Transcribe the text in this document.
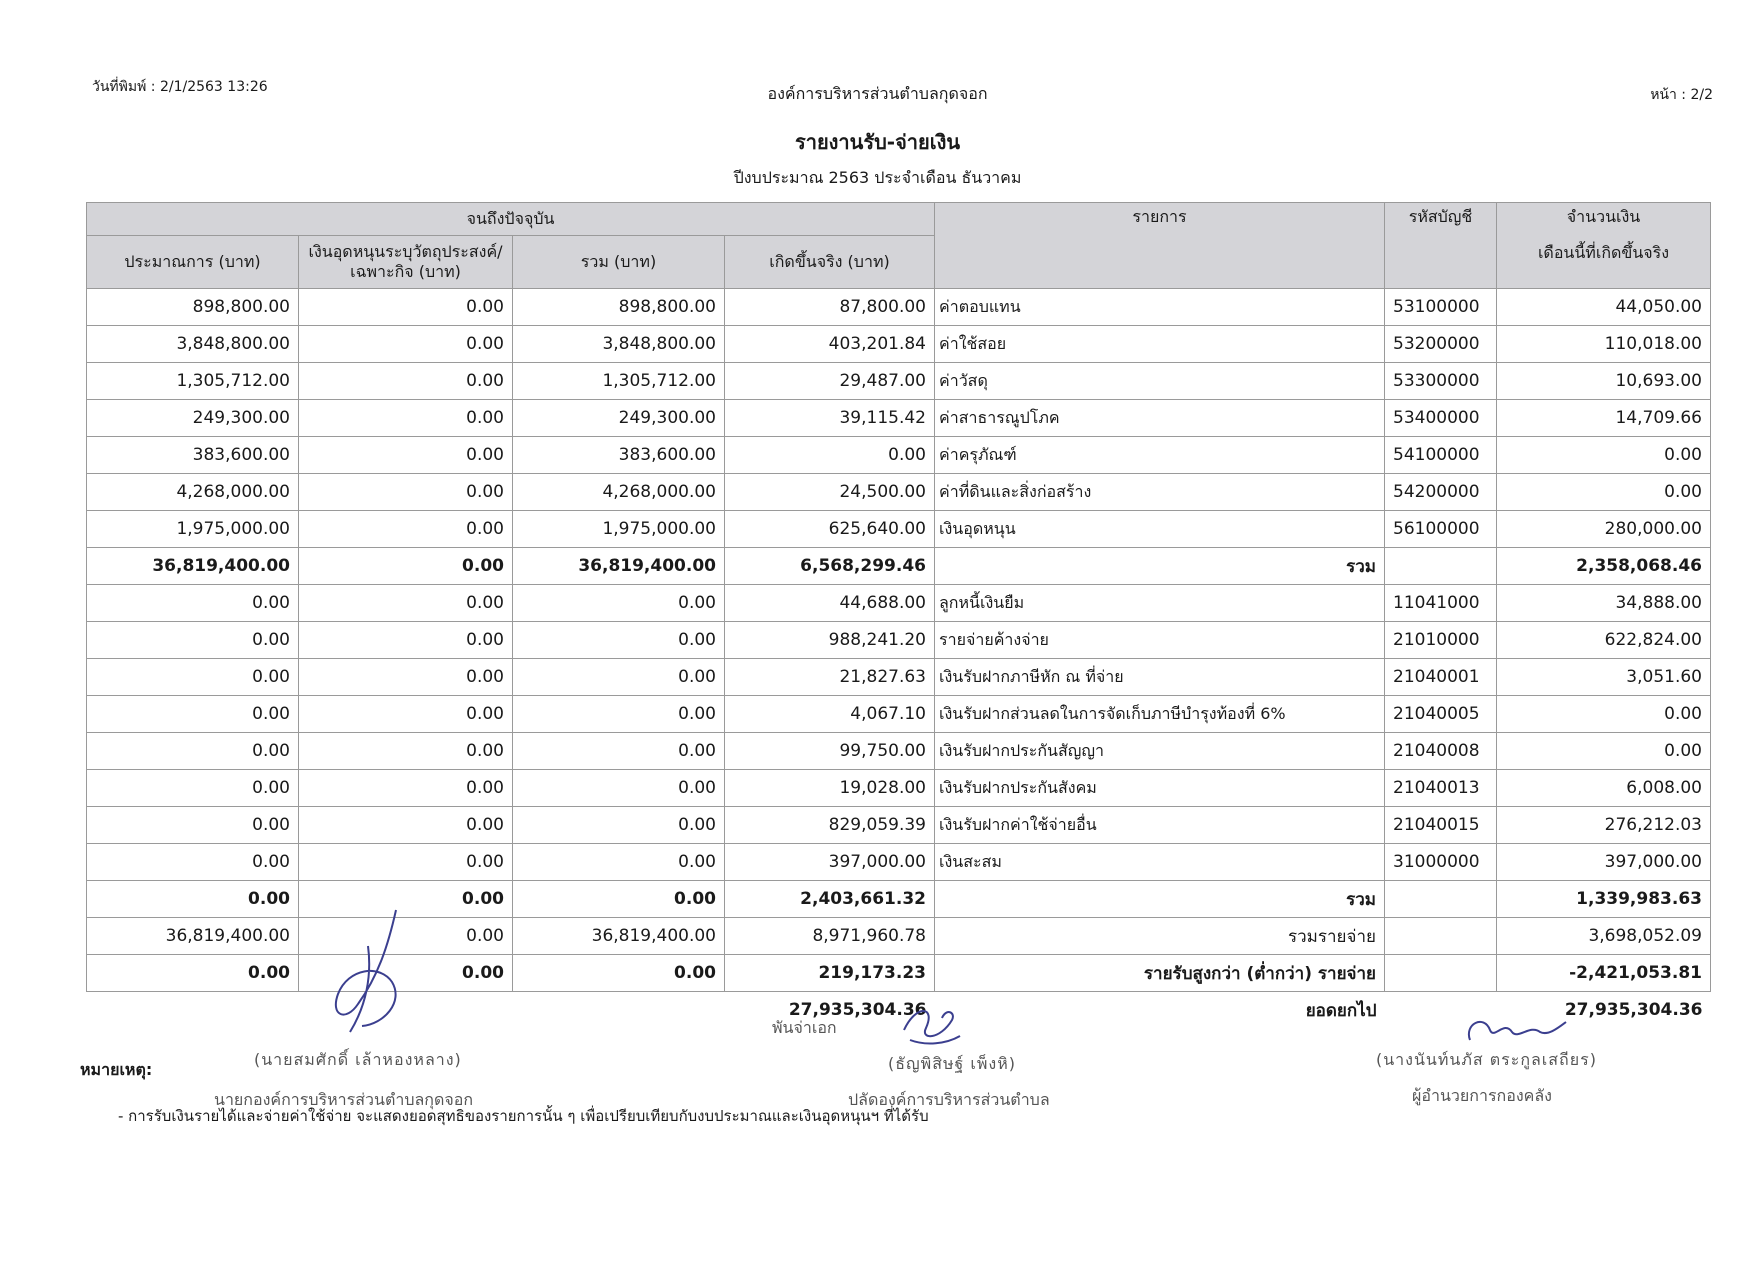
วันที่พิมพ์ : 2/1/2563 13:26	องค์การบริหารส่วนตำบลกุดจอก	หน้า : 2/2
รายงานรับ-จ่ายเงิน
ปีงบประมาณ 2563 ประจำเดือน ธันวาคม
จนถึงปัจจุบัน				รายการ	รหัสบัญชี	จำนวนเงิน
เดือนนี้ที่เกิดขึ้นจริง
ประมาณการ (บาท)	เงินอุดหนุนระบุวัตถุประสงค์/เฉพาะกิจ (บาท)	รวม (บาท)	เกิดขึ้นจริง (บาท)			
898,800.00	0.00	898,800.00	87,800.00	ค่าตอบแทน	53100000	44,050.00
3,848,800.00	0.00	3,848,800.00	403,201.84	ค่าใช้สอย	53200000	110,018.00
1,305,712.00	0.00	1,305,712.00	29,487.00	ค่าวัสดุ	53300000	10,693.00
249,300.00	0.00	249,300.00	39,115.42	ค่าสาธารณูปโภค	53400000	14,709.66
383,600.00	0.00	383,600.00	0.00	ค่าครุภัณฑ์	54100000	0.00
4,268,000.00	0.00	4,268,000.00	24,500.00	ค่าที่ดินและสิ่งก่อสร้าง	54200000	0.00
1,975,000.00	0.00	1,975,000.00	625,640.00	เงินอุดหนุน	56100000	280,000.00
36,819,400.00	0.00	36,819,400.00	6,568,299.46	รวม		2,358,068.46
0.00	0.00	0.00	44,688.00	ลูกหนี้เงินยืม	11041000	34,888.00
0.00	0.00	0.00	988,241.20	รายจ่ายค้างจ่าย	21010000	622,824.00
0.00	0.00	0.00	21,827.63	เงินรับฝากภาษีหัก ณ ที่จ่าย	21040001	3,051.60
0.00	0.00	0.00	4,067.10	เงินรับฝากส่วนลดในการจัดเก็บภาษีบำรุงท้องที่ 6%	21040005	0.00
0.00	0.00	0.00	99,750.00	เงินรับฝากประกันสัญญา	21040008	0.00
0.00	0.00	0.00	19,028.00	เงินรับฝากประกันสังคม	21040013	6,008.00
0.00	0.00	0.00	829,059.39	เงินรับฝากค่าใช้จ่ายอื่น	21040015	276,212.03
0.00	0.00	0.00	397,000.00	เงินสะสม	31000000	397,000.00
0.00	0.00	0.00	2,403,661.32	รวม		1,339,983.63
36,819,400.00	0.00	36,819,400.00	8,971,960.78	รวมรายจ่าย		3,698,052.09
0.00	0.00	0.00	219,173.23	รายรับสูงกว่า (ต่ำกว่า) รายจ่าย		-2,421,053.81
			27,935,304.36	ยอดยกไป		27,935,304.36
พันจ่าเอก
(นายสมศักดิ์ เล้าหองหลาง)
นายกองค์การบริหารส่วนตำบลกุดจอก
(ธัญพิสิษฐ์ เพ็งหิ)
ปลัดองค์การบริหารส่วนตำบล
(นางนันท์นภัส ตระกูลเสถียร)
ผู้อำนวยการกองคลัง
หมายเหตุ:
- การรับเงินรายได้และจ่ายค่าใช้จ่าย จะแสดงยอดสุทธิของรายการนั้น ๆ เพื่อเปรียบเทียบกับงบประมาณและเงินอุดหนุนฯ ที่ได้รับ
